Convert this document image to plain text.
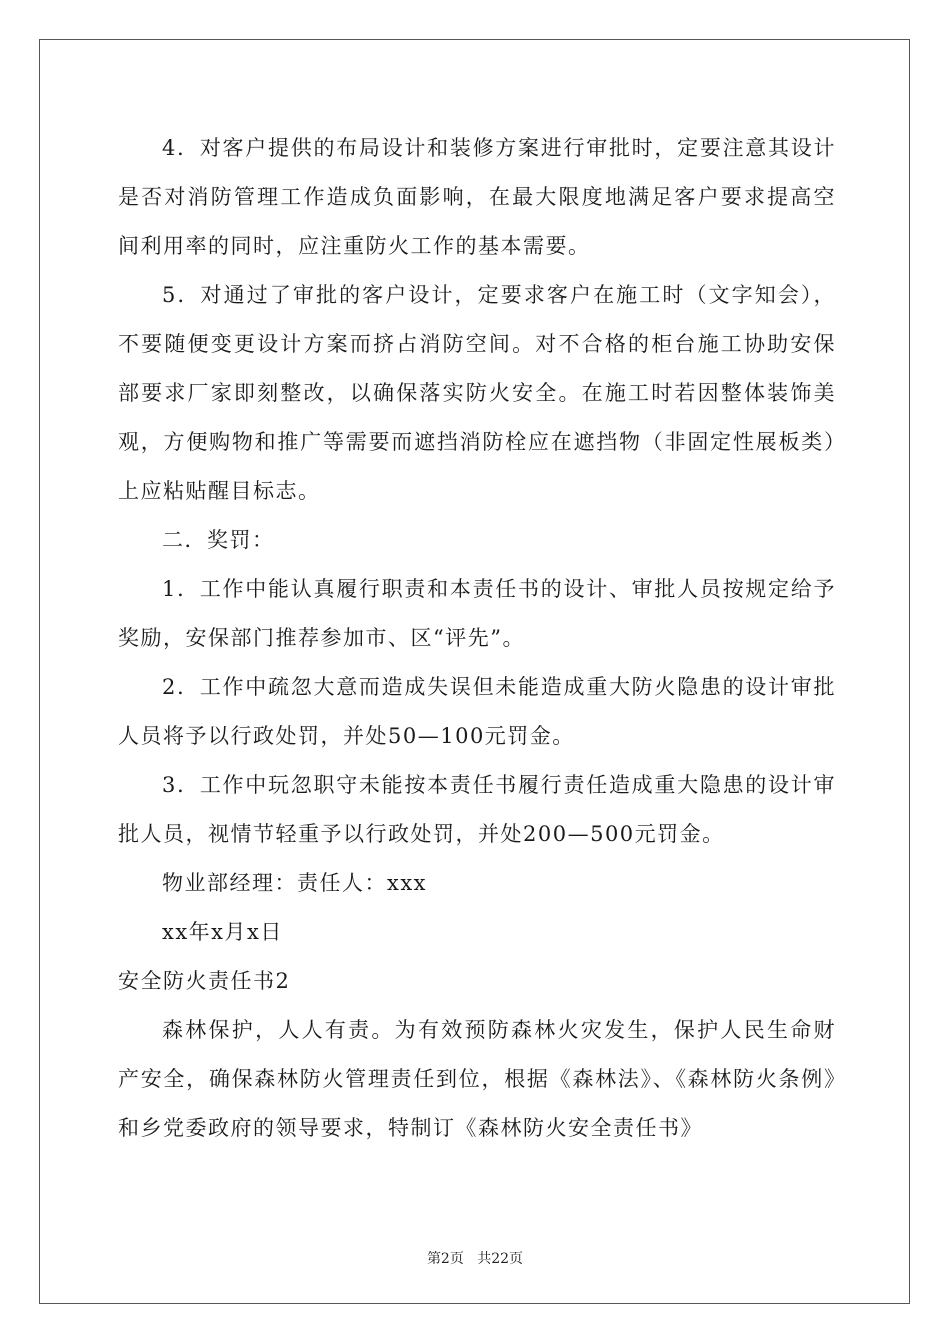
4．对客户提供的布局设计和装修方案进行审批时，定要注意其设计是否对消防管理工作造成负面影响，在最大限度地满足客户要求提高空间利用率的同时，应注重防火工作的基本需要。

5．对通过了审批的客户设计，定要求客户在施工时（文字知会），不要随便变更设计方案而挤占消防空间。对不合格的柜台施工协助安保部要求厂家即刻整改，以确保落实防火安全。在施工时若因整体装饰美观，方便购物和推广等需要而遮挡消防栓应在遮挡物（非固定性展板类）上应粘贴醒目标志。

二．奖罚：

1．工作中能认真履行职责和本责任书的设计、审批人员按规定给予奖励，安保部门推荐参加市、区“评先”。

2．工作中疏忽大意而造成失误但未能造成重大防火隐患的设计审批人员将予以行政处罚，并处50—100元罚金。

3．工作中玩忽职守未能按本责任书履行责任造成重大隐患的设计审批人员，视情节轻重予以行政处罚，并处200—500元罚金。

物业部经理：责任人：xxx

xx年x月x日

安全防火责任书2

森林保护，人人有责。为有效预防森林火灾发生，保护人民生命财产安全，确保森林防火管理责任到位，根据《森林法》、《森林防火条例》和乡党委政府的领导要求，特制订《森林防火安全责任书》

第2页 共22页
